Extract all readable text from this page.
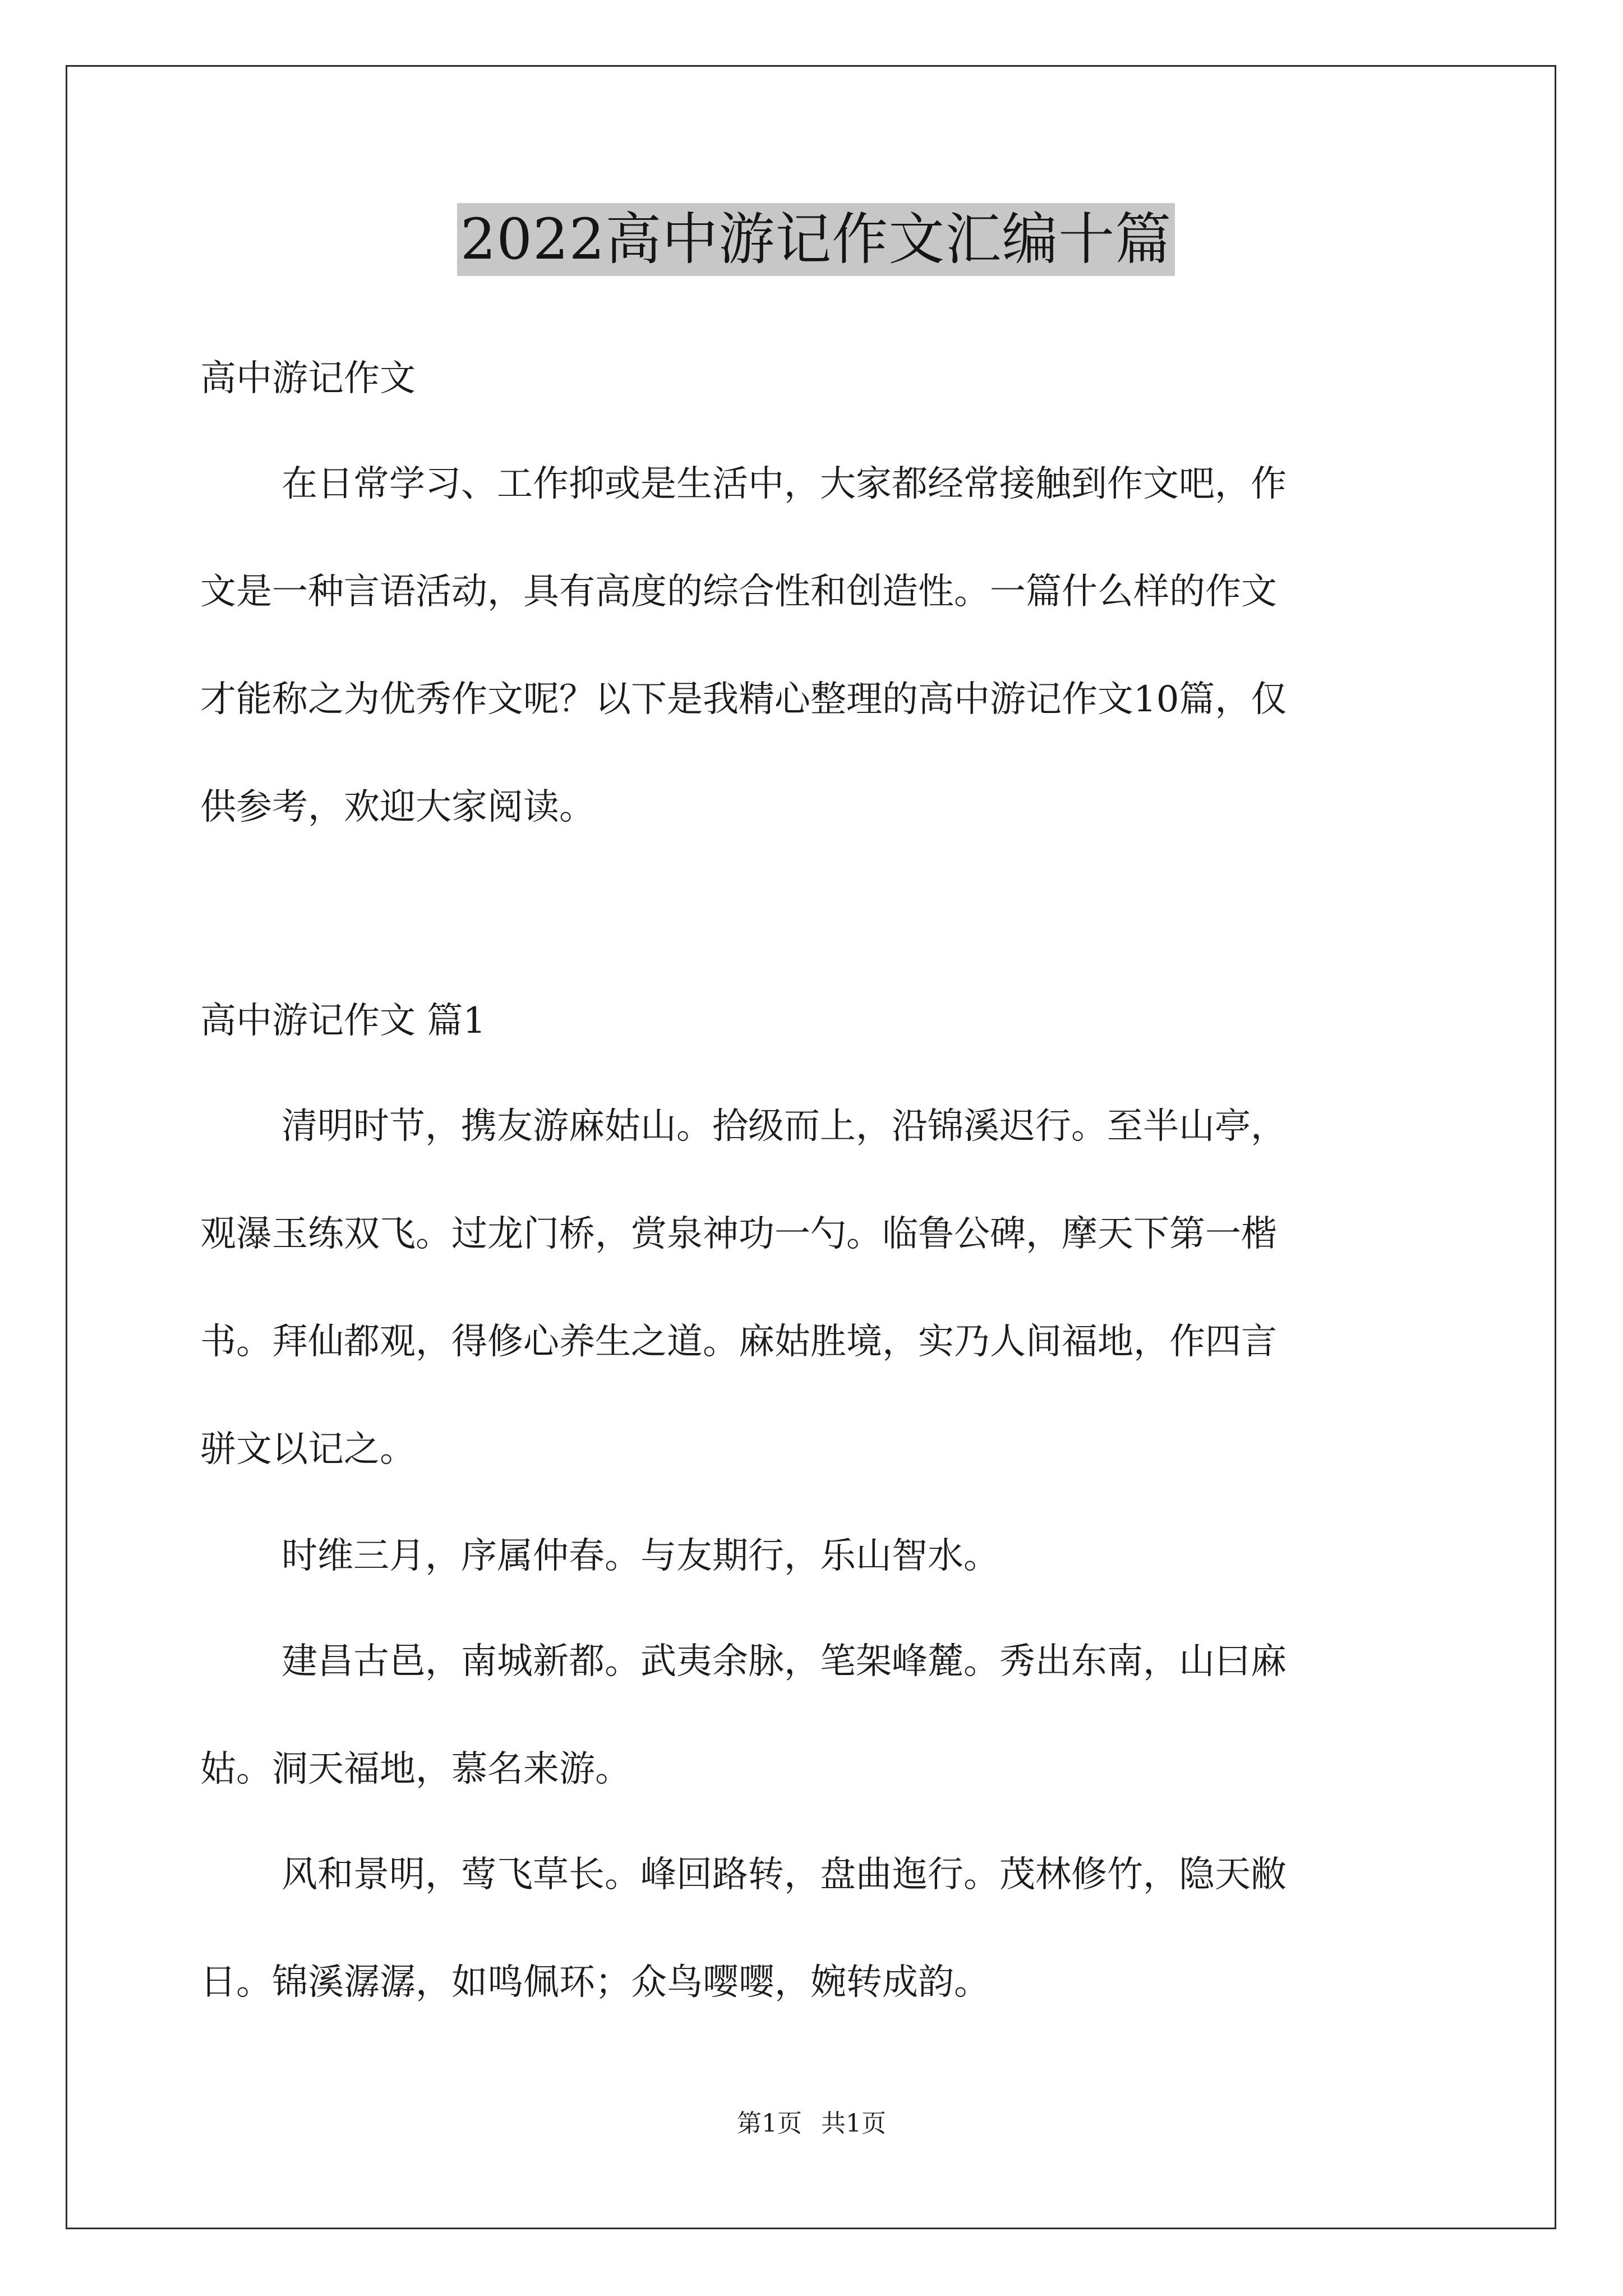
2022高中游记作文汇编十篇
高中游记作文
在日常学习、工作抑或是生活中，大家都经常接触到作文吧，作
文是一种言语活动，具有高度的综合性和创造性。一篇什么样的作文
才能称之为优秀作文呢？以下是我精心整理的高中游记作文10篇，仅
供参考，欢迎大家阅读。
高中游记作文 篇1
清明时节，携友游麻姑山。拾级而上，沿锦溪迟行。至半山亭，
观瀑玉练双飞。过龙门桥，赏泉神功一勺。临鲁公碑，摩天下第一楷
书。拜仙都观，得修心养生之道。麻姑胜境，实乃人间福地，作四言
骈文以记之。
时维三月，序属仲春。与友期行，乐山智水。
建昌古邑，南城新都。武夷余脉，笔架峰麓。秀出东南，山曰麻
姑。洞天福地，慕名来游。
风和景明，莺飞草长。峰回路转，盘曲迤行。茂林修竹，隐天敝
日。锦溪潺潺，如鸣佩环；众鸟嘤嘤，婉转成韵。
第1页 共1页
